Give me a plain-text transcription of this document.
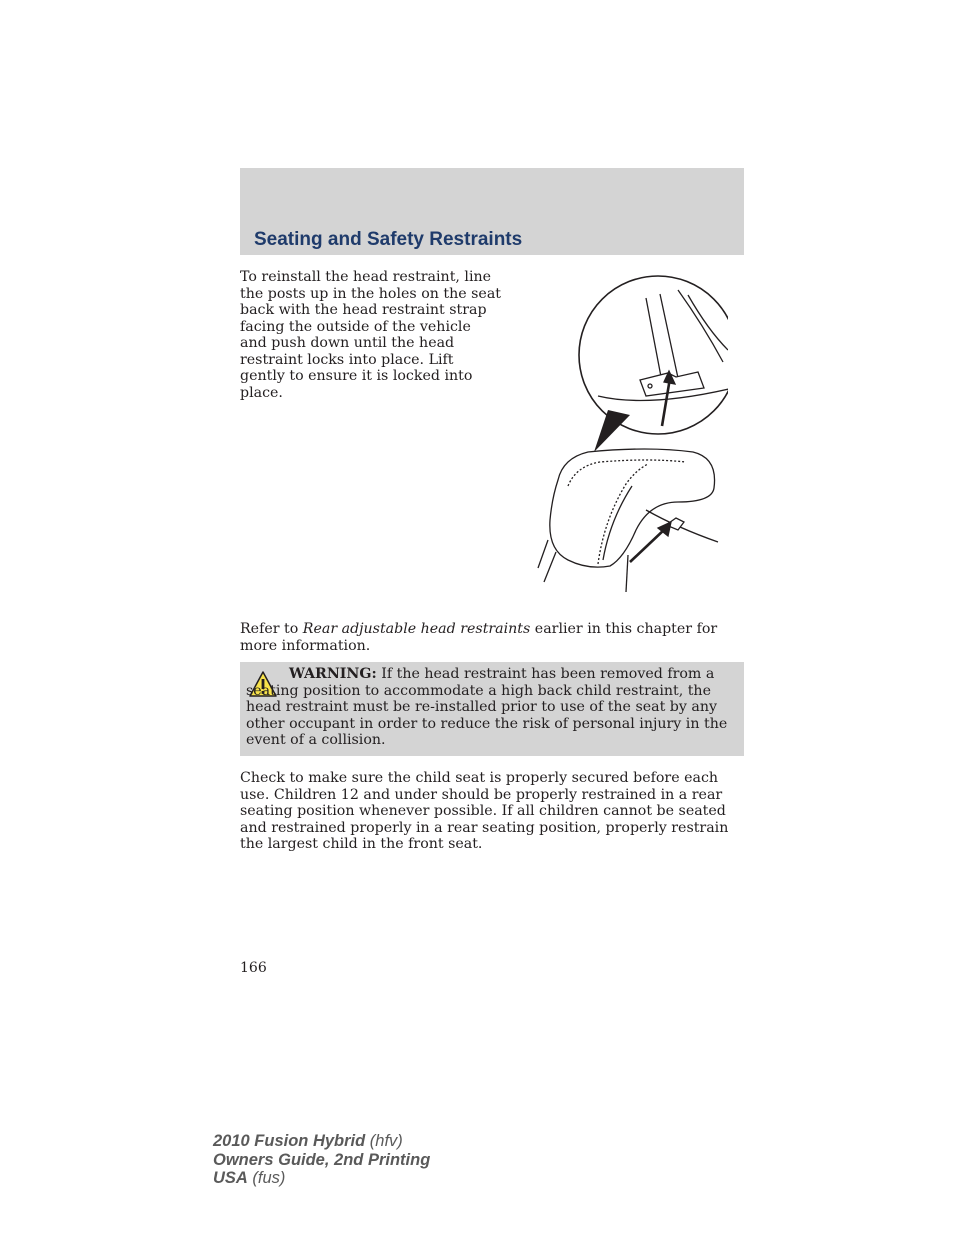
Seating and Safety Restraints
To reinstall the head restraint, line the posts up in the holes on the seat back with the head restraint strap facing the outside of the vehicle and push down until the head restraint locks into place. Lift gently to ensure it is locked into place.
Refer to Rear adjustable head restraints earlier in this chapter for more information.
WARNING: If the head restraint has been removed from a seating position to accommodate a high back child restraint, the head restraint must be re-installed prior to use of the seat by any other occupant in order to reduce the risk of personal injury in the event of a collision.
Check to make sure the child seat is properly secured before each use. Children 12 and under should be properly restrained in a rear seating position whenever possible. If all children cannot be seated and restrained properly in a rear seating position, properly restrain the largest child in the front seat.
166
2010 Fusion Hybrid (hfv)
Owners Guide, 2nd Printing
USA (fus)
